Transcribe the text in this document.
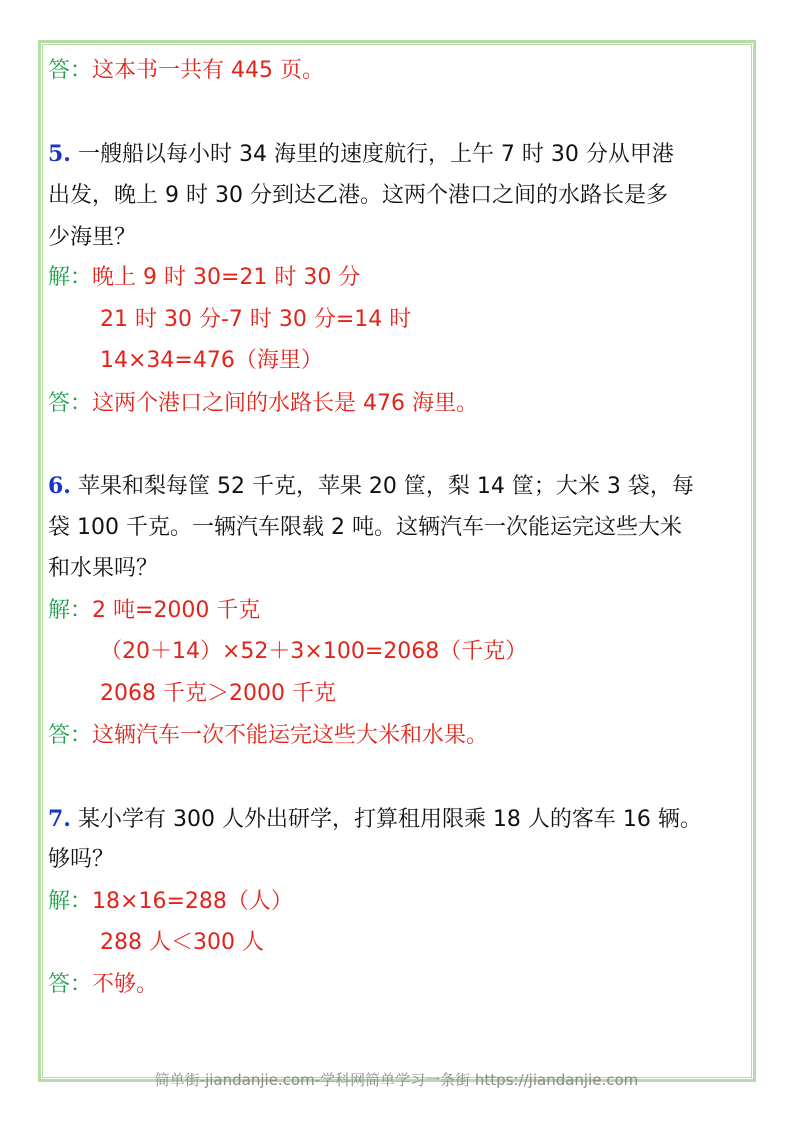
答：这本书一共有 445 页。
5. 一艘船以每小时 34 海里的速度航行，上午 7 时 30 分从甲港
出发，晚上 9 时 30 分到达乙港。这两个港口之间的水路长是多
少海里？
解：晚上 9 时 30=21 时 30 分
21 时 30 分-7 时 30 分=14 时
14×34=476（海里）
答：这两个港口之间的水路长是 476 海里。
6. 苹果和梨每筐 52 千克，苹果 20 筐，梨 14 筐；大米 3 袋，每
袋 100 千克。一辆汽车限载 2 吨。这辆汽车一次能运完这些大米
和水果吗？
解：2 吨=2000 千克
（20＋14）×52＋3×100=2068（千克）
2068 千克＞2000 千克
答：这辆汽车一次不能运完这些大米和水果。
7. 某小学有 300 人外出研学，打算租用限乘 18 人的客车 16 辆。
够吗？
解：18×16=288（人）
288 人＜300 人
答：不够。
简单街-jiandanjie.com-学科网简单学习一条街 https://jiandanjie.com
